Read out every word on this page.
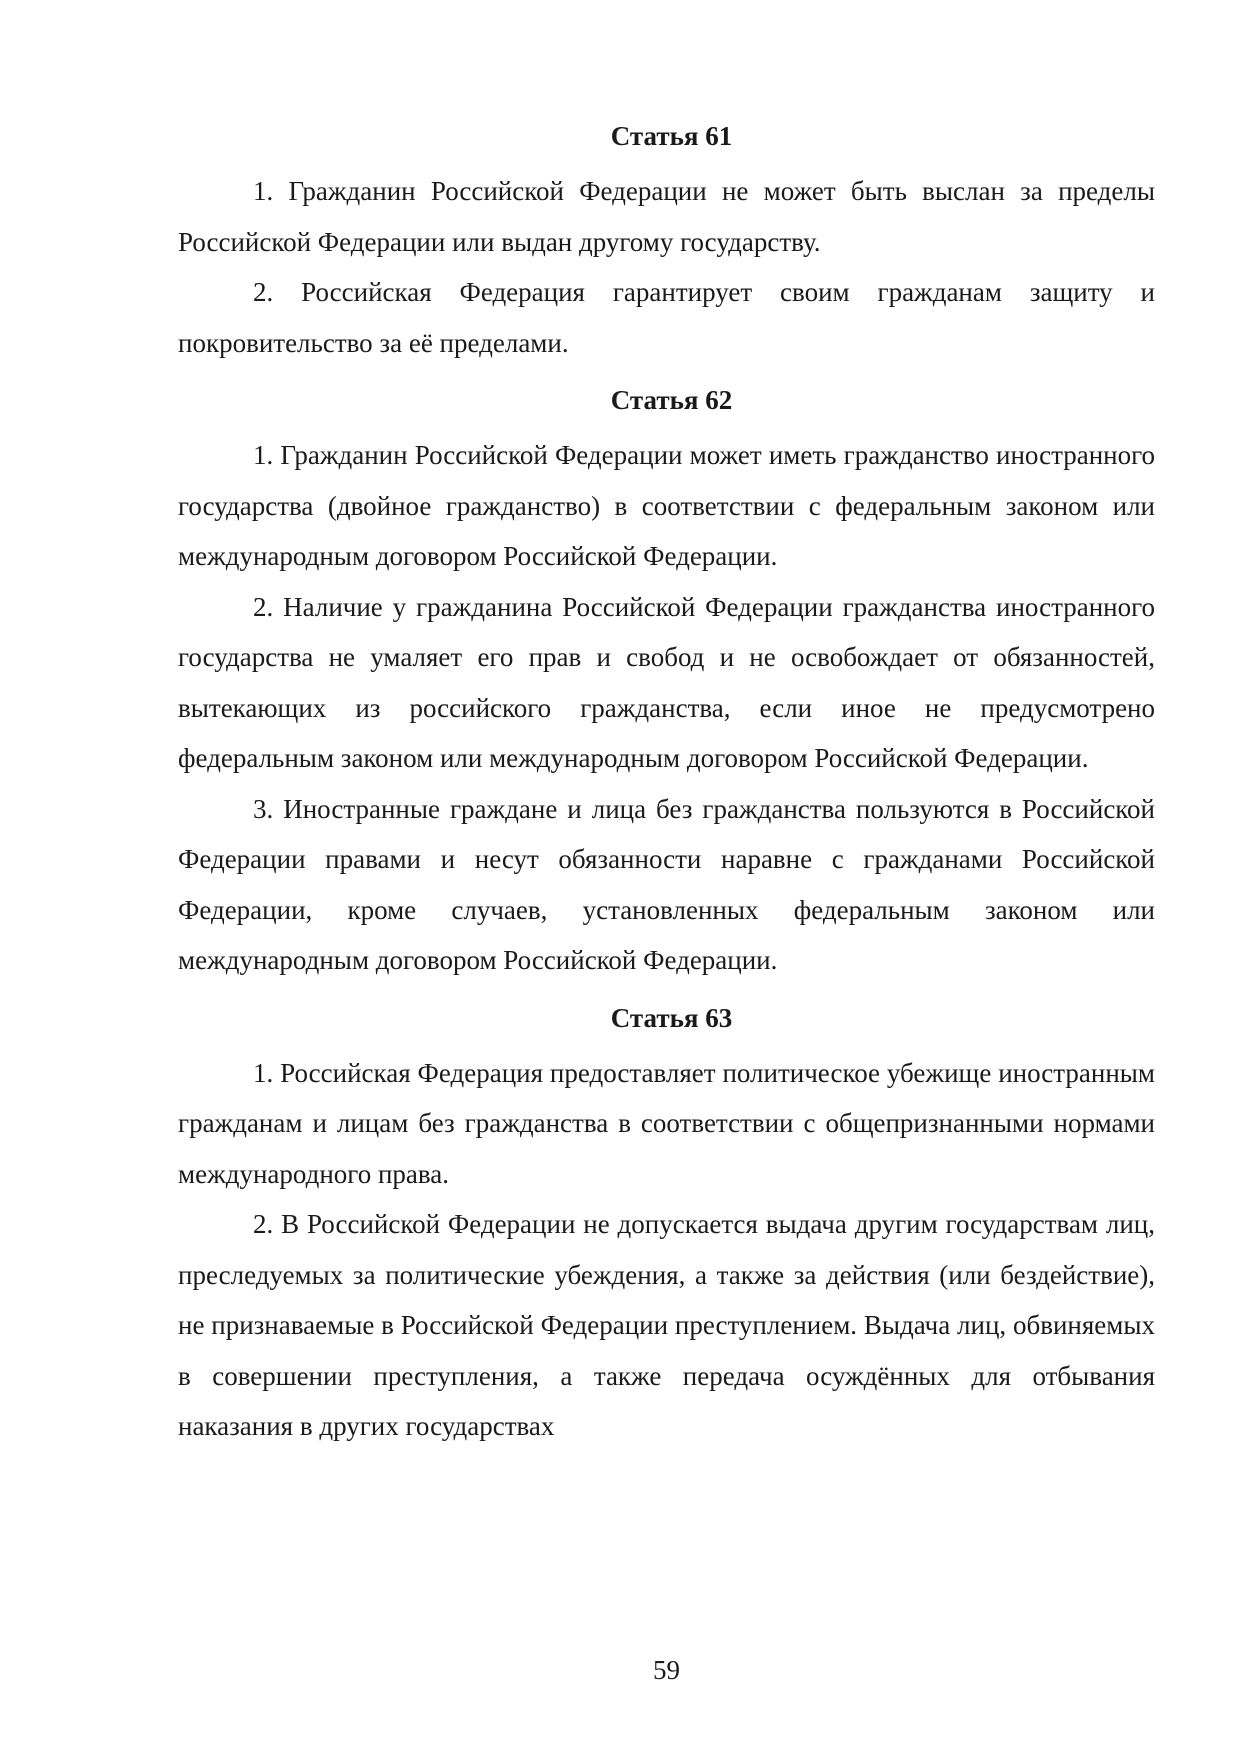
Статья 61

1. Гражданин Российской Федерации не может быть выслан за пределы Российской Федерации или выдан другому государству.

2. Российская Федерация гарантирует своим гражданам защиту и покровительство за её пределами.

Статья 62

1. Гражданин Российской Федерации может иметь гражданство иностранного государства (двойное гражданство) в соответствии с федеральным законом или международным договором Российской Федерации.

2. Наличие у гражданина Российской Федерации гражданства иностранного государства не умаляет его прав и свобод и не освобождает от обязанностей, вытекающих из российского гражданства, если иное не предусмотрено федеральным законом или международным договором Российской Федерации.

3. Иностранные граждане и лица без гражданства пользуются в Российской Федерации правами и несут обязанности наравне с гражданами Российской Федерации, кроме случаев, установленных федеральным законом или международным договором Российской Федерации.

Статья 63

1. Российская Федерация предоставляет политическое убежище иностранным гражданам и лицам без гражданства в соответствии с общепризнанными нормами международного права.

2. В Российской Федерации не допускается выдача другим государствам лиц, преследуемых за политические убеждения, а также за действия (или бездействие), не признаваемые в Российской Федерации преступлением. Выдача лиц, обвиняемых в совершении преступления, а также передача осуждённых для отбывания наказания в других государствах

59
